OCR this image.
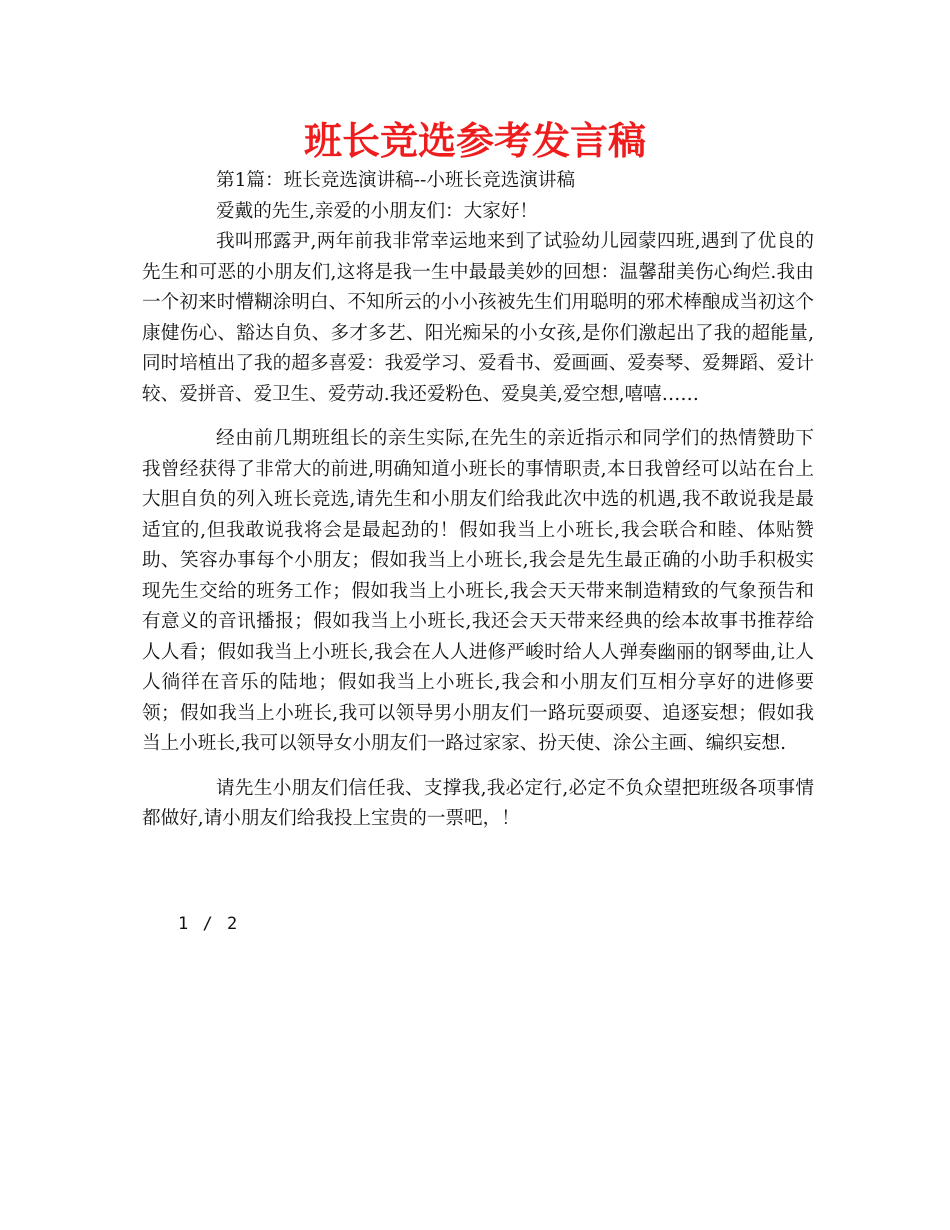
班长竞选参考发言稿

第1篇：班长竞选演讲稿--小班长竞选演讲稿

爱戴的先生,亲爱的小朋友们：大家好！

我叫邢露尹,两年前我非常幸运地来到了试验幼儿园蒙四班,遇到了优良的先生和可恶的小朋友们,这将是我一生中最最美妙的回想：温馨甜美伤心绚烂.我由一个初来时懵糊涂明白、不知所云的小小孩被先生们用聪明的邪术棒酿成当初这个康健伤心、豁达自负、多才多艺、阳光痴呆的小女孩,是你们激起出了我的超能量,同时培植出了我的超多喜爱：我爱学习、爱看书、爱画画、爱奏琴、爱舞蹈、爱计较、爱拼音、爱卫生、爱劳动.我还爱粉色、爱臭美,爱空想,嘻嘻……

经由前几期班组长的亲生实际,在先生的亲近指示和同学们的热情赞助下我曾经获得了非常大的前进,明确知道小班长的事情职责,本日我曾经可以站在台上大胆自负的列入班长竞选,请先生和小朋友们给我此次中选的机遇,我不敢说我是最适宜的,但我敢说我将会是最起劲的！假如我当上小班长,我会联合和睦、体贴赞助、笑容办事每个小朋友；假如我当上小班长,我会是先生最正确的小助手积极实现先生交给的班务工作；假如我当上小班长,我会天天带来制造精致的气象预告和有意义的音讯播报；假如我当上小班长,我还会天天带来经典的绘本故事书推荐给人人看；假如我当上小班长,我会在人人进修严峻时给人人弹奏幽丽的钢琴曲,让人人徜徉在音乐的陆地；假如我当上小班长,我会和小朋友们互相分享好的进修要领；假如我当上小班长,我可以领导男小朋友们一路玩耍顽耍、追逐妄想；假如我当上小班长,我可以领导女小朋友们一路过家家、扮天使、涂公主画、编织妄想.

请先生小朋友们信任我、支撑我,我必定行,必定不负众望把班级各项事情都做好,请小朋友们给我投上宝贵的一票吧，！

1 / 2
